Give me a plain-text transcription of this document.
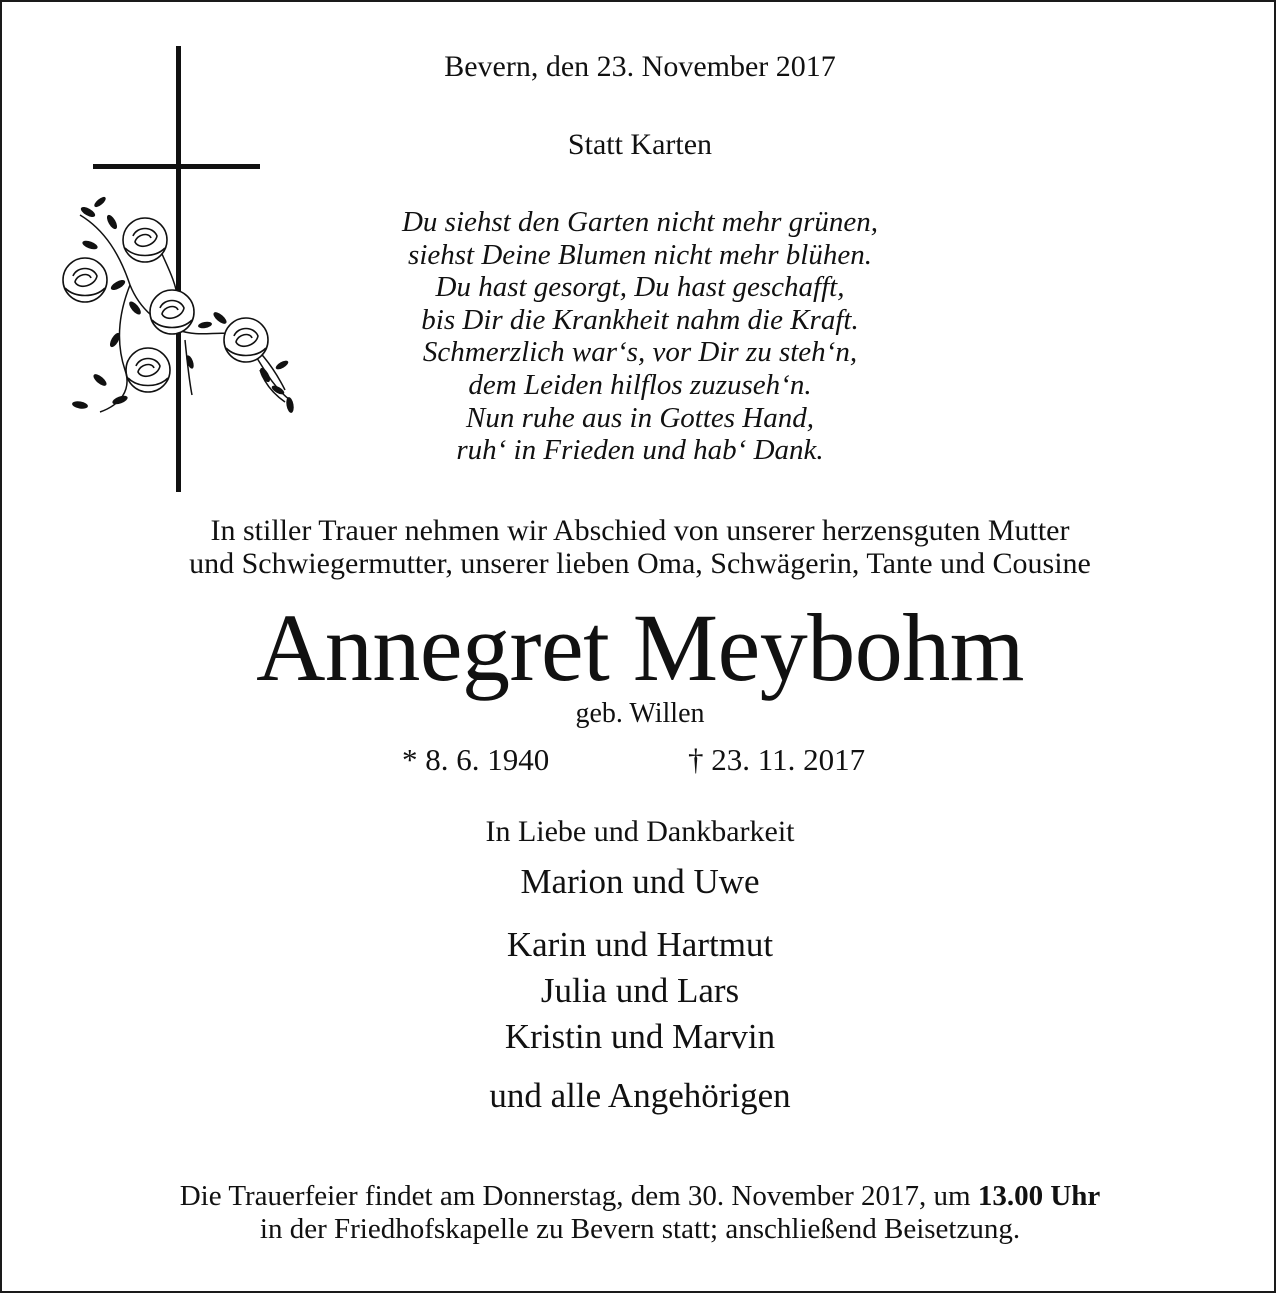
Bevern, den 23. November 2017
Statt Karten
Du siehst den Garten nicht mehr grünen,
siehst Deine Blumen nicht mehr blühen.
Du hast gesorgt, Du hast geschafft,
bis Dir die Krankheit nahm die Kraft.
Schmerzlich war‘s, vor Dir zu steh‘n,
dem Leiden hilflos zuzuseh‘n.
Nun ruhe aus in Gottes Hand,
ruh‘ in Frieden und hab‘ Dank.
In stiller Trauer nehmen wir Abschied von unserer herzensguten Mutter
und Schwiegermutter, unserer lieben Oma, Schwägerin, Tante und Cousine
Annegret Meybohm
geb. Willen
* 8. 6. 1940	† 23. 11. 2017
In Liebe und Dankbarkeit
Marion und Uwe
Karin und Hartmut
Julia und Lars
Kristin und Marvin
und alle Angehörigen
Die Trauerfeier findet am Donnerstag, dem 30. November 2017, um 13.00 Uhr
in der Friedhofskapelle zu Bevern statt; anschließend Beisetzung.
